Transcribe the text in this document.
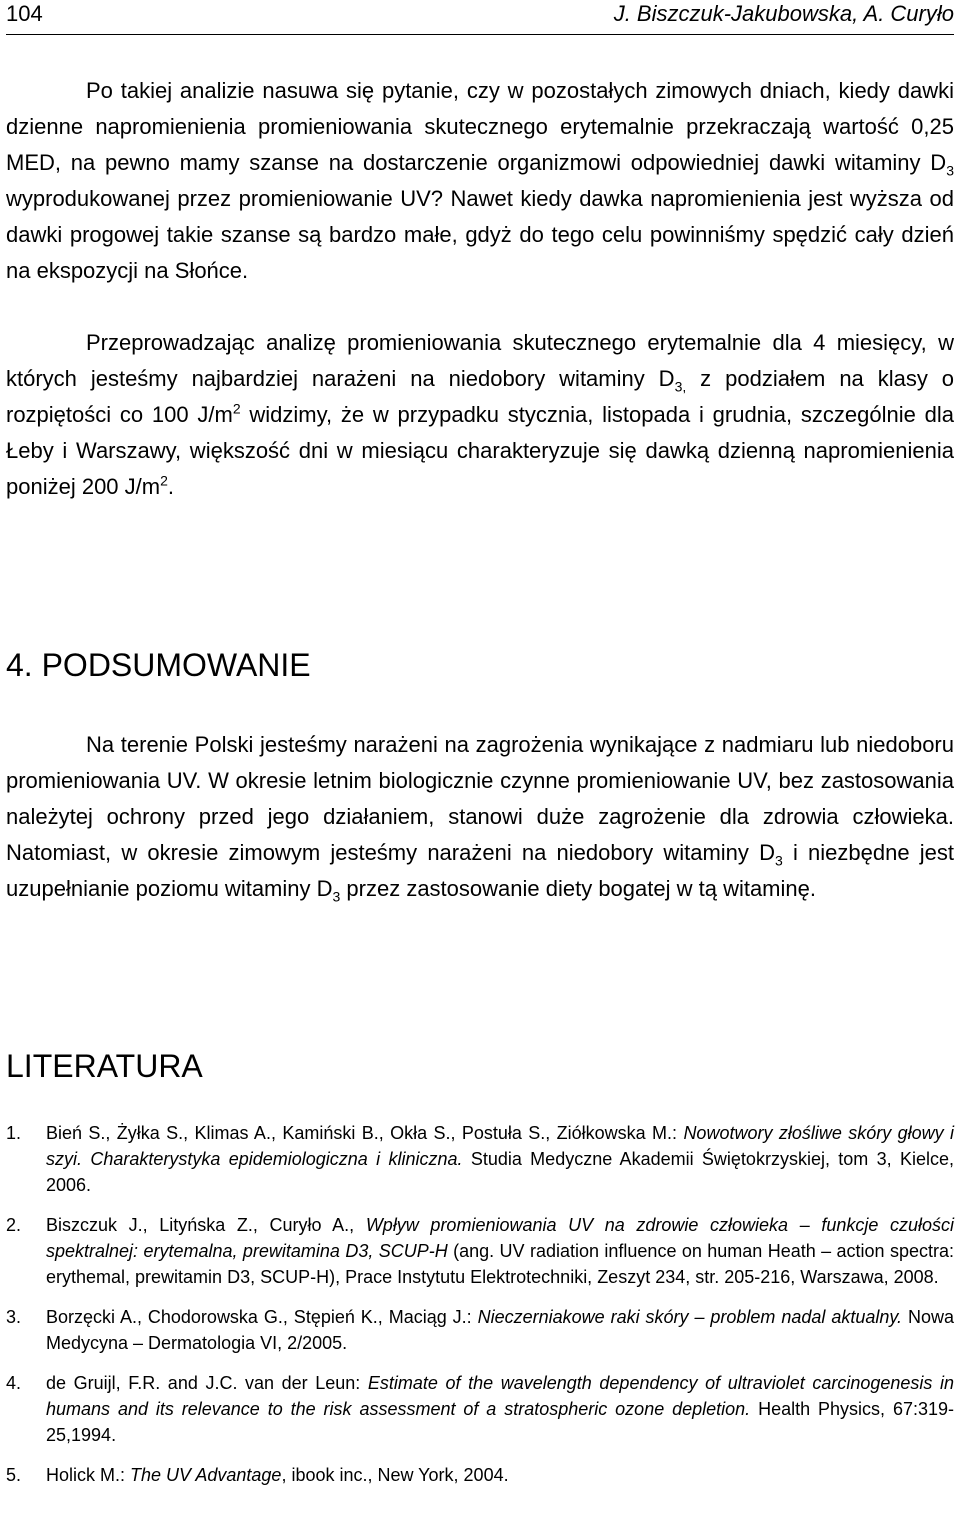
104	J. Biszczuk-Jakubowska, A. Curyło

Po takiej analizie nasuwa się pytanie, czy w pozostałych zimowych dniach, kiedy dawki dzienne napromienienia promieniowania skutecznego erytemalnie przekraczają wartość 0,25 MED, na pewno mamy szanse na dostarczenie organizmowi odpowiedniej dawki witaminy $D_3$ wyprodukowanej przez promieniowanie UV? Nawet kiedy dawka napromienienia jest wyższa od dawki progowej takie szanse są bardzo małe, gdyż do tego celu powinniśmy spędzić cały dzień na ekspozycji na Słońce.

Przeprowadzając analizę promieniowania skutecznego erytemalnie dla 4 miesięcy, w których jesteśmy najbardziej narażeni na niedobory witaminy $D_{3,}$ z podziałem na klasy o rozpiętości co 100 $J/m^2$ widzimy, że w przypadku stycznia, listopada i grudnia, szczególnie dla Łeby i Warszawy, większość dni w miesiącu charakteryzuje się dawką dzienną napromienienia poniżej 200 $J/m^2$.

4. PODSUMOWANIE

Na terenie Polski jesteśmy narażeni na zagrożenia wynikające z nadmiaru lub niedoboru promieniowania UV. W okresie letnim biologicznie czynne promieniowanie UV, bez zastosowania należytej ochrony przed jego działaniem, stanowi duże zagrożenie dla zdrowia człowieka. Natomiast, w okresie zimowym jesteśmy narażeni na niedobory witaminy $D_3$ i niezbędne jest uzupełnianie poziomu witaminy $D_3$ przez zastosowanie diety bogatej w tą witaminę.

LITERATURA
1. Bień S., Żyłka S., Klimas A., Kamiński B., Okła S., Postuła S., Ziółkowska M.: Nowotwory złośliwe skóry głowy i szyi. Charakterystyka epidemiologiczna i kliniczna. Studia Medyczne Akademii Świętokrzyskiej, tom 3, Kielce, 2006.
2. Biszczuk J., Lityńska Z., Curyło A., Wpływ promieniowania UV na zdrowie człowieka – funkcje czułości spektralnej: erytemalna, prewitamina D3, SCUP-H (ang. UV radiation influence on human Heath – action spectra: erythemal, prewitamin D3, SCUP-H), Prace Instytutu Elektrotechniki, Zeszyt 234, str. 205-216, Warszawa, 2008.
3. Borzęcki A., Chodorowska G., Stępień K., Maciąg J.: Nieczerniakowe raki skóry – problem nadal aktualny. Nowa Medycyna – Dermatologia VI, 2/2005.
4. de Gruijl, F.R. and J.C. van der Leun: Estimate of the wavelength dependency of ultraviolet carcinogenesis in humans and its relevance to the risk assessment of a stratospheric ozone depletion. Health Physics, 67:319-25,1994.
5. Holick M.: The UV Advantage, ibook inc., New York, 2004.
